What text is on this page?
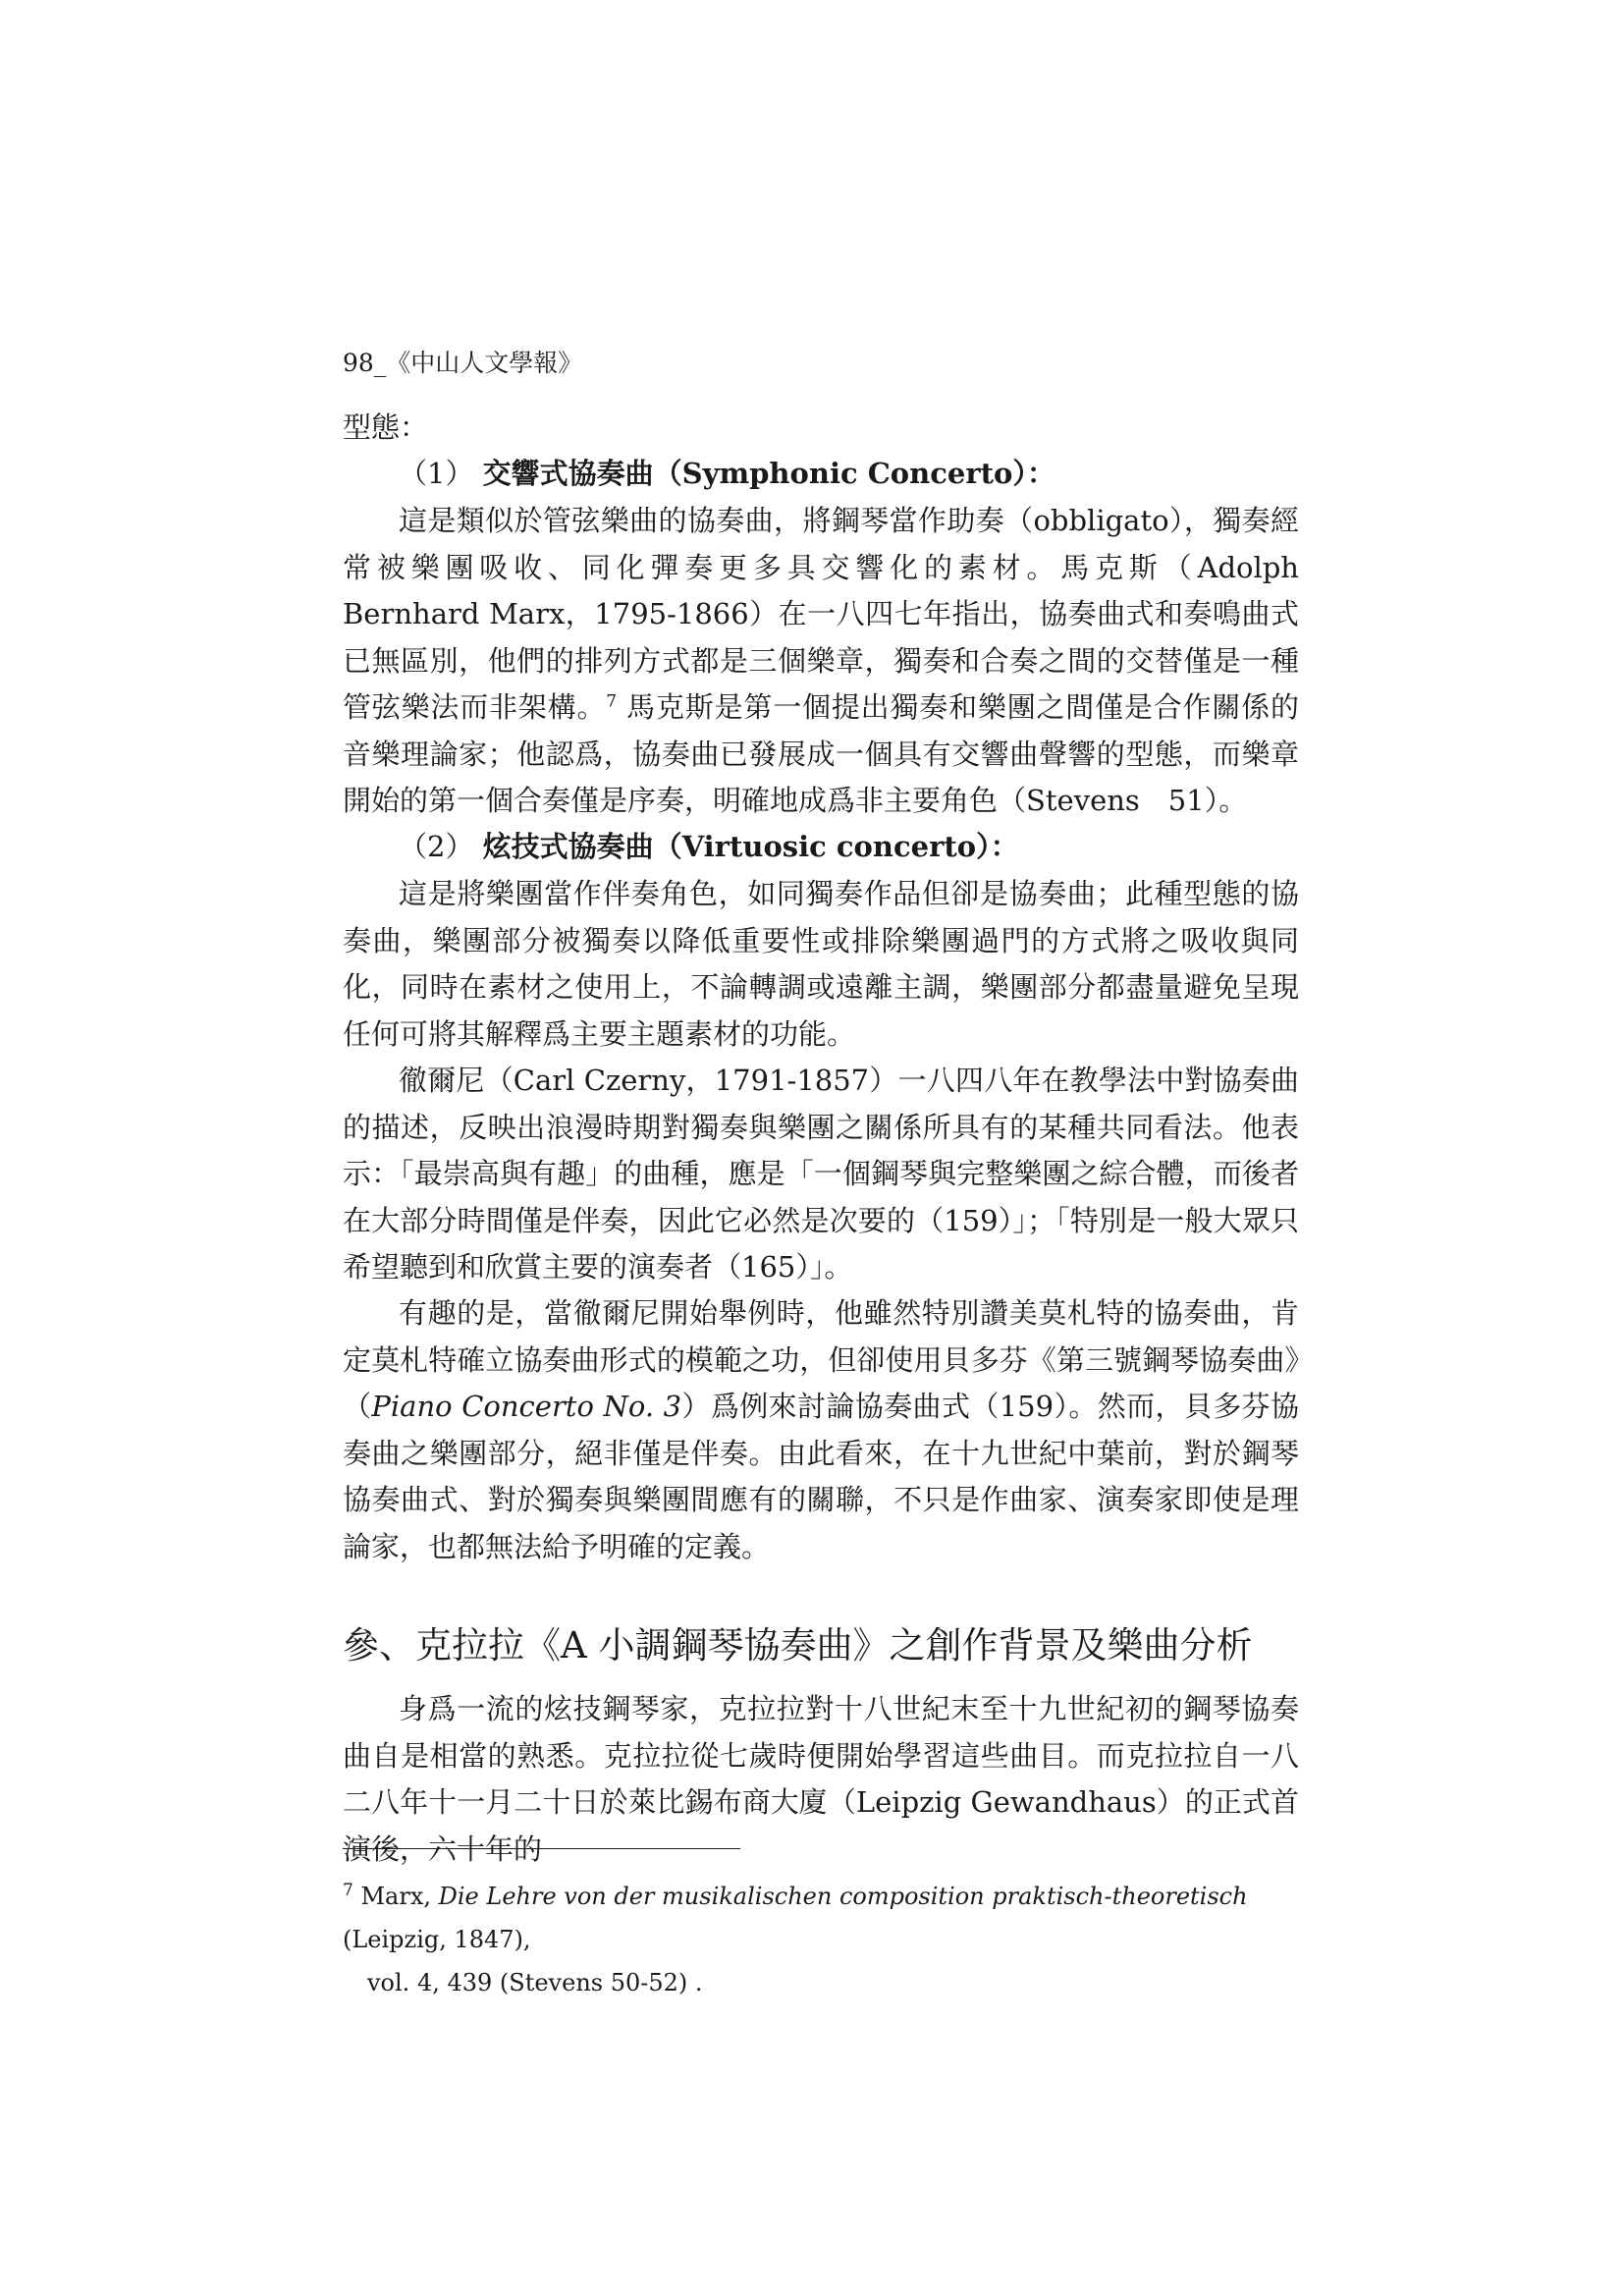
98_《中山人文學報》

型態：

（1） 交響式協奏曲（Symphonic Concerto）：

這是類似於管弦樂曲的協奏曲，將鋼琴當作助奏（obbligato），獨奏經常被樂團吸收、同化彈奏更多具交響化的素材。馬克斯（Adolph Bernhard Marx，1795-1866）在一八四七年指出，協奏曲式和奏鳴曲式已無區別，他們的排列方式都是三個樂章，獨奏和合奏之間的交替僅是一種管弦樂法而非架構。$^7$ 馬克斯是第一個提出獨奏和樂團之間僅是合作關係的音樂理論家；他認爲，協奏曲已發展成一個具有交響曲聲響的型態，而樂章開始的第一個合奏僅是序奏，明確地成爲非主要角色（Stevens　51）。

（2） 炫技式協奏曲（Virtuosic concerto）：

這是將樂團當作伴奏角色，如同獨奏作品但卻是協奏曲；此種型態的協奏曲，樂團部分被獨奏以降低重要性或排除樂團過門的方式將之吸收與同化，同時在素材之使用上，不論轉調或遠離主調，樂團部分都盡量避免呈現任何可將其解釋爲主要主題素材的功能。

徹爾尼（Carl Czerny，1791-1857）一八四八年在教學法中對協奏曲的描述，反映出浪漫時期對獨奏與樂團之關係所具有的某種共同看法。他表示：「最崇高與有趣」的曲種，應是「一個鋼琴與完整樂團之綜合體，而後者在大部分時間僅是伴奏，因此它必然是次要的（159）」；「特別是一般大眾只希望聽到和欣賞主要的演奏者（165）」。

有趣的是，當徹爾尼開始舉例時，他雖然特別讚美莫札特的協奏曲，肯定莫札特確立協奏曲形式的模範之功，但卻使用貝多芬《第三號鋼琴協奏曲》（Piano Concerto No. 3）爲例來討論協奏曲式（159）。然而，貝多芬協奏曲之樂團部分，絕非僅是伴奏。由此看來，在十九世紀中葉前，對於鋼琴協奏曲式、對於獨奏與樂團間應有的關聯，不只是作曲家、演奏家即使是理論家，也都無法給予明確的定義。

參、克拉拉《A 小調鋼琴協奏曲》之創作背景及樂曲分析

身爲一流的炫技鋼琴家，克拉拉對十八世紀末至十九世紀初的鋼琴協奏曲自是相當的熟悉。克拉拉從七歲時便開始學習這些曲目。而克拉拉自一八二八年十一月二十日於萊比錫布商大廈（Leipzig Gewandhaus）的正式首演後，六十年的

$^7$ Marx, Die Lehre von der musikalischen composition praktisch-theoretisch (Leipzig, 1847),
vol. 4, 439 (Stevens 50-52) .
